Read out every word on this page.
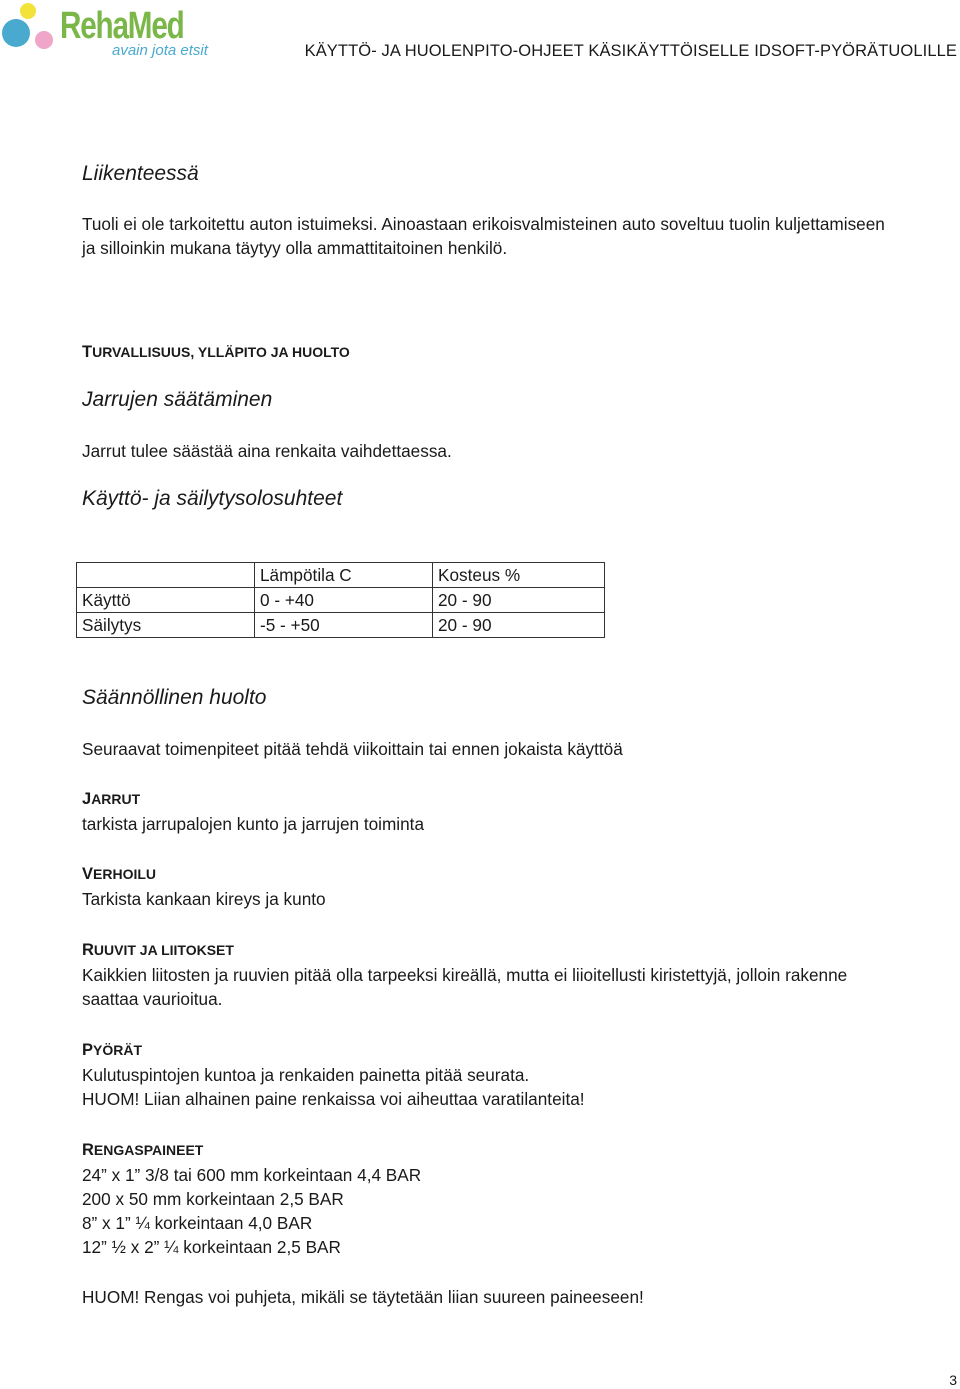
RehaMed
avain jota etsit	KÄYTTÖ- JA HUOLENPITO-OHJEET KÄSIKÄYTTÖISELLE IDSOFT-PYÖRÄTUOLILLE
Liikenteessä
Tuoli ei ole tarkoitettu auton istuimeksi. Ainoastaan erikoisvalmisteinen auto soveltuu tuolin kuljettamiseen
ja silloinkin mukana täytyy olla ammattitaitoinen henkilö.
TURVALLISUUS, YLLÄPITO JA HUOLTO
Jarrujen säätäminen
Jarrut tulee säästää aina renkaita vaihdettaessa.
Käyttö- ja säilytysolosuhteet
	Lämpötila C	Kosteus %
Käyttö	0 - +40	20 - 90
Säilytys	-5 - +50	20 - 90
Säännöllinen huolto
Seuraavat toimenpiteet pitää tehdä viikoittain tai ennen jokaista käyttöä
JARRUT
tarkista jarrupalojen kunto ja jarrujen toiminta
VERHOILU
Tarkista kankaan kireys ja kunto
RUUVIT JA LIITOKSET
Kaikkien liitosten ja ruuvien pitää olla tarpeeksi kireällä, mutta ei liioitellusti kiristettyjä, jolloin rakenne
saattaa vaurioitua.
PYÖRÄT
Kulutuspintojen kuntoa ja renkaiden painetta pitää seurata.
HUOM! Liian alhainen paine renkaissa voi aiheuttaa varatilanteita!
RENGASPAINEET
24” x 1” 3/8 tai 600 mm korkeintaan 4,4 BAR
200 x 50 mm korkeintaan 2,5 BAR
8” x 1” ¼ korkeintaan 4,0 BAR
12” ½ x 2” ¼ korkeintaan 2,5 BAR
HUOM! Rengas voi puhjeta, mikäli se täytetään liian suureen paineeseen!
3
